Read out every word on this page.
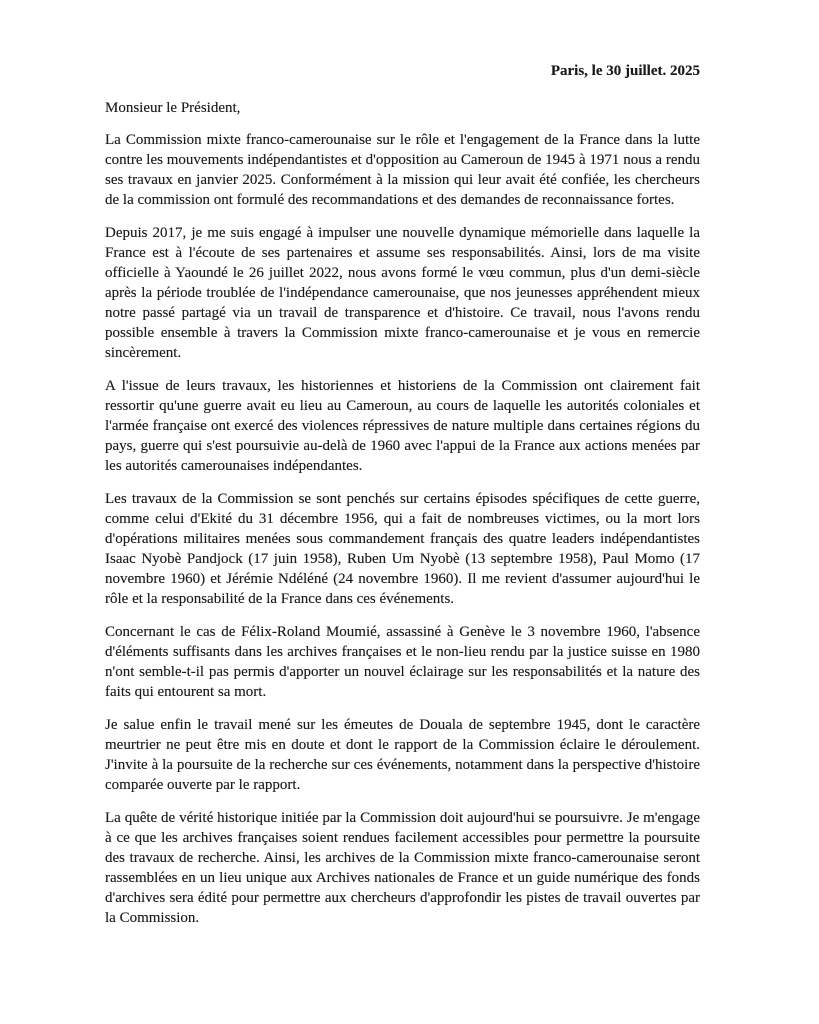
Paris, le 30 juillet. 2025
Monsieur le Président,

La Commission mixte franco-camerounaise sur le rôle et l'engagement de la France dans la lutte contre les mouvements indépendantistes et d'opposition au Cameroun de 1945 à 1971 nous a rendu ses travaux en janvier 2025. Conformément à la mission qui leur avait été confiée, les chercheurs de la commission ont formulé des recommandations et des demandes de reconnaissance fortes.

Depuis 2017, je me suis engagé à impulser une nouvelle dynamique mémorielle dans laquelle la France est à l'écoute de ses partenaires et assume ses responsabilités. Ainsi, lors de ma visite officielle à Yaoundé le 26 juillet 2022, nous avons formé le vœu commun, plus d'un demi-siècle après la période troublée de l'indépendance camerounaise, que nos jeunesses appréhendent mieux notre passé partagé via un travail de transparence et d'histoire. Ce travail, nous l'avons rendu possible ensemble à travers la Commission mixte franco-camerounaise et je vous en remercie sincèrement.

A l'issue de leurs travaux, les historiennes et historiens de la Commission ont clairement fait ressortir qu'une guerre avait eu lieu au Cameroun, au cours de laquelle les autorités coloniales et l'armée française ont exercé des violences répressives de nature multiple dans certaines régions du pays, guerre qui s'est poursuivie au-delà de 1960 avec l'appui de la France aux actions menées par les autorités camerounaises indépendantes.

Les travaux de la Commission se sont penchés sur certains épisodes spécifiques de cette guerre, comme celui d'Ekité du 31 décembre 1956, qui a fait de nombreuses victimes, ou la mort lors d'opérations militaires menées sous commandement français des quatre leaders indépendantistes Isaac Nyobè Pandjock (17 juin 1958), Ruben Um Nyobè (13 septembre 1958), Paul Momo (17 novembre 1960) et Jérémie Ndéléné (24 novembre 1960). Il me revient d'assumer aujourd'hui le rôle et la responsabilité de la France dans ces événements.

Concernant le cas de Félix-Roland Moumié, assassiné à Genève le 3 novembre 1960, l'absence d'éléments suffisants dans les archives françaises et le non-lieu rendu par la justice suisse en 1980 n'ont semble-t-il pas permis d'apporter un nouvel éclairage sur les responsabilités et la nature des faits qui entourent sa mort.

Je salue enfin le travail mené sur les émeutes de Douala de septembre 1945, dont le caractère meurtrier ne peut être mis en doute et dont le rapport de la Commission éclaire le déroulement. J'invite à la poursuite de la recherche sur ces événements, notamment dans la perspective d'histoire comparée ouverte par le rapport.

La quête de vérité historique initiée par la Commission doit aujourd'hui se poursuivre. Je m'engage à ce que les archives françaises soient rendues facilement accessibles pour permettre la poursuite des travaux de recherche. Ainsi, les archives de la Commission mixte franco-camerounaise seront rassemblées en un lieu unique aux Archives nationales de France et un guide numérique des fonds d'archives sera édité pour permettre aux chercheurs d'approfondir les pistes de travail ouvertes par la Commission.
